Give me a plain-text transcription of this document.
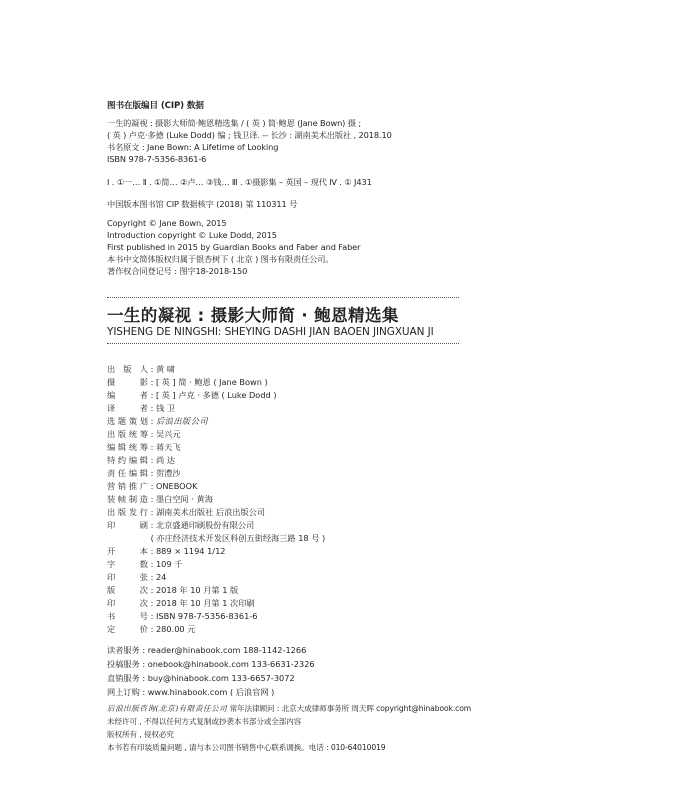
图书在版编目 (CIP) 数据
一生的凝视 : 摄影大师简·鲍恩精选集 / ( 英 ) 简·鲍恩 (Jane Bown) 摄 ;
( 英 ) 卢克·多德 (Luke Dodd) 编 ; 钱卫译. -- 长沙 : 湖南美术出版社 , 2018.10
书名原文 : Jane Bown: A Lifetime of Looking
ISBN 978-7-5356-8361-6
Ⅰ . ①一… Ⅱ . ①简… ②卢… ③钱… Ⅲ . ①摄影集 – 英国 – 现代 Ⅳ . ① J431
中国版本图书馆 CIP 数据核字 (2018) 第 110311 号
Copyright © Jane Bown, 2015
Introduction copyright © Luke Dodd, 2015
First published in 2015 by Guardian Books and Faber and Faber
本书中文简体版权归属于银杏树下 ( 北京 ) 图书有限责任公司。
著作权合同登记号 : 图字18-2018-150
一生的凝视 : 摄影大师简 · 鲍恩精选集
YISHENG DE NINGSHI: SHEYING DASHI JIAN BAOEN JINGXUAN JI
出版人 : 黄 啸
摄影 : [ 英 ] 简 · 鲍恩 ( Jane Bown )
编者 : [ 英 ] 卢克 · 多德 ( Luke Dodd )
译者 : 钱 卫
选题策划 : 后浪出版公司
出版统筹 : 吴兴元
编辑统筹 : 蒋天飞
特约编辑 : 尚 达
责任编辑 : 贺澧沙
营销推广 : ONEBOOK
装帧制造 : 墨白空间 · 黄海
出版发行 : 湖南美术出版社 后浪出版公司
印刷 : 北京盛通印刷股份有限公司
( 亦庄经济技术开发区科创五街经海三路 18 号 )
开本 : 889 × 1194 1/12
字数 : 109 千
印张 : 24
版次 : 2018 年 10 月第 1 版
印次 : 2018 年 10 月第 1 次印刷
书号 : ISBN 978-7-5356-8361-6
定价 : 280.00 元
读者服务 : reader@hinabook.com 188-1142-1266
投稿服务 : onebook@hinabook.com 133-6631-2326
直销服务 : buy@hinabook.com 133-6657-3072
网上订购 : www.hinabook.com ( 后浪官网 )
后浪出版咨询(北京)有限责任公司 常年法律顾问 : 北京大成律师事务所 周天晖 copyright@hinabook.com
未经许可 , 不得以任何方式复制或抄袭本书部分或全部内容
版权所有 , 侵权必究
本书若有印装质量问题 , 请与本公司图书销售中心联系调换。电话 : 010-64010019
